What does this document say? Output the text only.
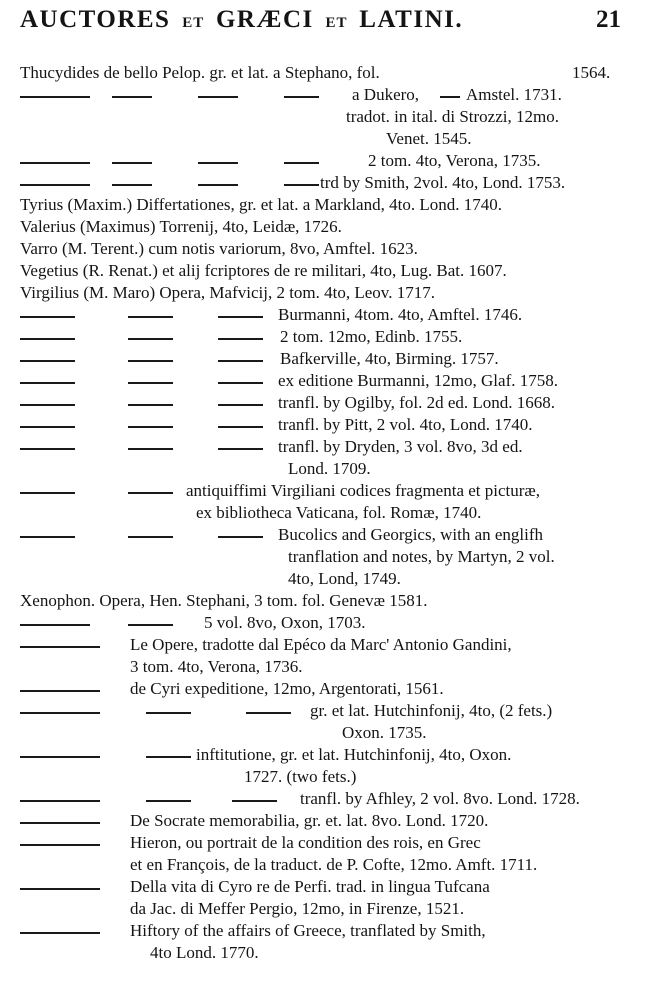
AUCTORES ET GRÆCI ET LATINI.	21
Thucydides de bello Pelop. gr. et lat. a Stephano, fol.	1564.
a Dukero,	Amstel. 1731.
tradot. in ital. di Strozzi, 12mo.
Venet. 1545.
2 tom. 4to, Verona, 1735.
trd by Smith, 2vol. 4to, Lond. 1753.
Tyrius (Maxim.) Differtationes, gr. et lat. a Markland, 4to. Lond. 1740.
Valerius (Maximus) Torrenij, 4to, Leidæ, 1726.
Varro (M. Terent.) cum notis variorum, 8vo, Amftel. 1623.
Vegetius (R. Renat.) et alij fcriptores de re militari, 4to, Lug. Bat. 1607.
Virgilius (M. Maro) Opera, Mafvicij, 2 tom. 4to, Leov. 1717.
Burmanni, 4tom. 4to, Amftel. 1746.
2 tom. 12mo, Edinb. 1755.
Bafkerville, 4to, Birming. 1757.
ex editione Burmanni, 12mo, Glaf. 1758.
tranfl. by Ogilby, fol. 2d ed. Lond. 1668.
tranfl. by Pitt, 2 vol. 4to, Lond. 1740.
tranfl. by Dryden, 3 vol. 8vo, 3d ed.
Lond. 1709.
antiquiffimi Virgiliani codices fragmenta et picturæ,
ex bibliotheca Vaticana, fol. Romæ, 1740.
Bucolics and Georgics, with an englifh
tranflation and notes, by Martyn, 2 vol.
4to, Lond, 1749.
Xenophon. Opera, Hen. Stephani, 3 tom. fol. Genevæ 1581.
5 vol. 8vo, Oxon, 1703.
Le Opere, tradotte dal Epéco da Marc' Antonio Gandini,
3 tom. 4to, Verona, 1736.
de Cyri expeditione, 12mo, Argentorati, 1561.
gr. et lat. Hutchinfonij, 4to, (2 fets.)
Oxon. 1735.
inftitutione, gr. et lat. Hutchinfonij, 4to, Oxon.
1727. (two fets.)
tranfl. by Afhley, 2 vol. 8vo. Lond. 1728.
De Socrate memorabilia, gr. et. lat. 8vo. Lond. 1720.
Hieron, ou portrait de la condition des rois, en Grec
et en François, de la traduct. de P. Cofte, 12mo. Amft. 1711.
Della vita di Cyro re de Perfi. trad. in lingua Tufcana
da Jac. di Meffer Pergio, 12mo, in Firenze, 1521.
Hiftory of the affairs of Greece, tranflated by Smith,
4to Lond. 1770.
